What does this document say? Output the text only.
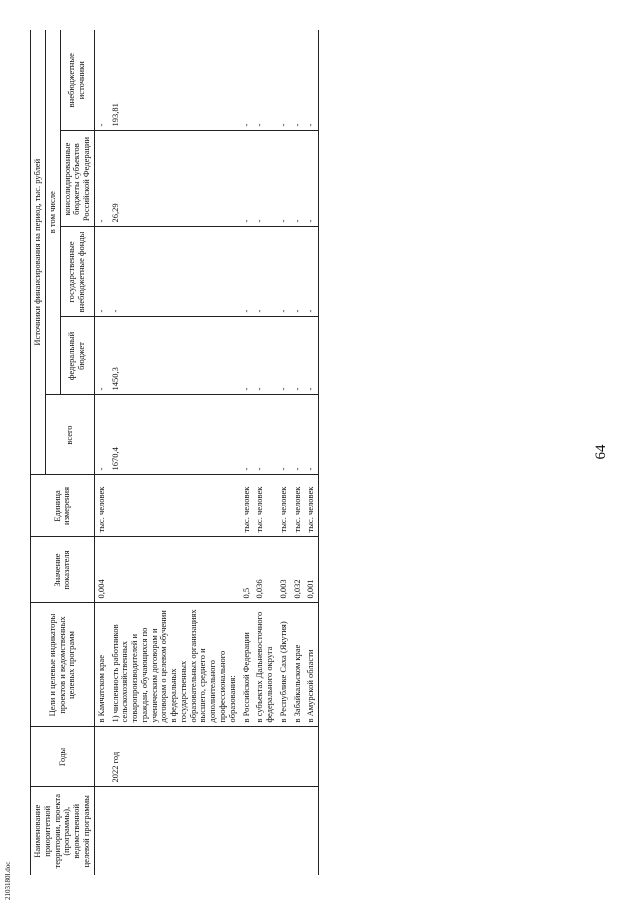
64
2103180l.doc
Наименование приоритетной территории, проекта (программы), ведомственной целевой программы	Годы	Цели и целевые индикаторы проектов и ведомственных целевых программ	Значение показателя	Единица измерения	Источники финансирования на период, тыс. рублей				
					всего	в том числе			
						федеральный бюджет	государственные внебюджетные фонды	консолидированные бюджеты субъектов Российской Федерации	внебюджетные источники
		в Камчатском крае	0,004	тыс. человек	-	-	-	-	-
	2022 год	1) численность работников сельскохозяйственных товаропроизводителей и граждан, обучающихся по ученическим договорам и договорам о целевом обучении в федеральных государственных образовательных организациях высшего, среднего и дополнительного профессионального образования:			1670,4	1450,3	-	26,29	193,81
		в Российской Федерации	0,5	тыс. человек	-	-	-	-	-
		в субъектах Дальневосточного федерального округа	0,036	тыс. человек	-	-	-	-	-
		в Республике Саха (Якутия)	0,003	тыс. человек	-	-	-	-	-
		в Забайкальском крае	0,032	тыс. человек	-	-	-	-	-
		в Амурской области	0,001	тыс. человек	-	-	-	-	-
